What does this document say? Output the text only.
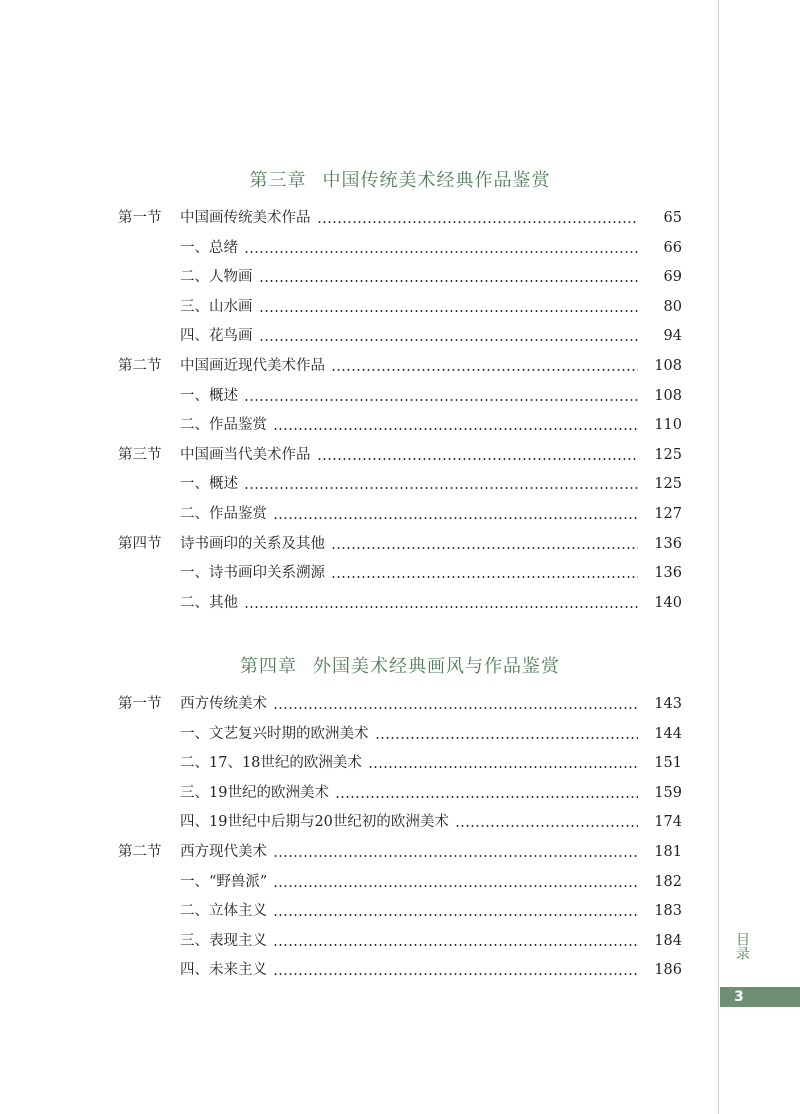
第三章 中国传统美术经典作品鉴赏
第一节 中国画传统美术作品	65
一、总绪	66
二、人物画	69
三、山水画	80
四、花鸟画	94
第二节 中国画近现代美术作品	108
一、概述	108
二、作品鉴赏	110
第三节 中国画当代美术作品	125
一、概述	125
二、作品鉴赏	127
第四节 诗书画印的关系及其他	136
一、诗书画印关系溯源	136
二、其他	140
第四章 外国美术经典画风与作品鉴赏
第一节 西方传统美术	143
一、文艺复兴时期的欧洲美术	144
二、17、18世纪的欧洲美术	151
三、19世纪的欧洲美术	159
四、19世纪中后期与20世纪初的欧洲美术	174
第二节 西方现代美术	181
一、“野兽派”	182
二、立体主义	183
三、表现主义	184
四、未来主义	186
目录
3
